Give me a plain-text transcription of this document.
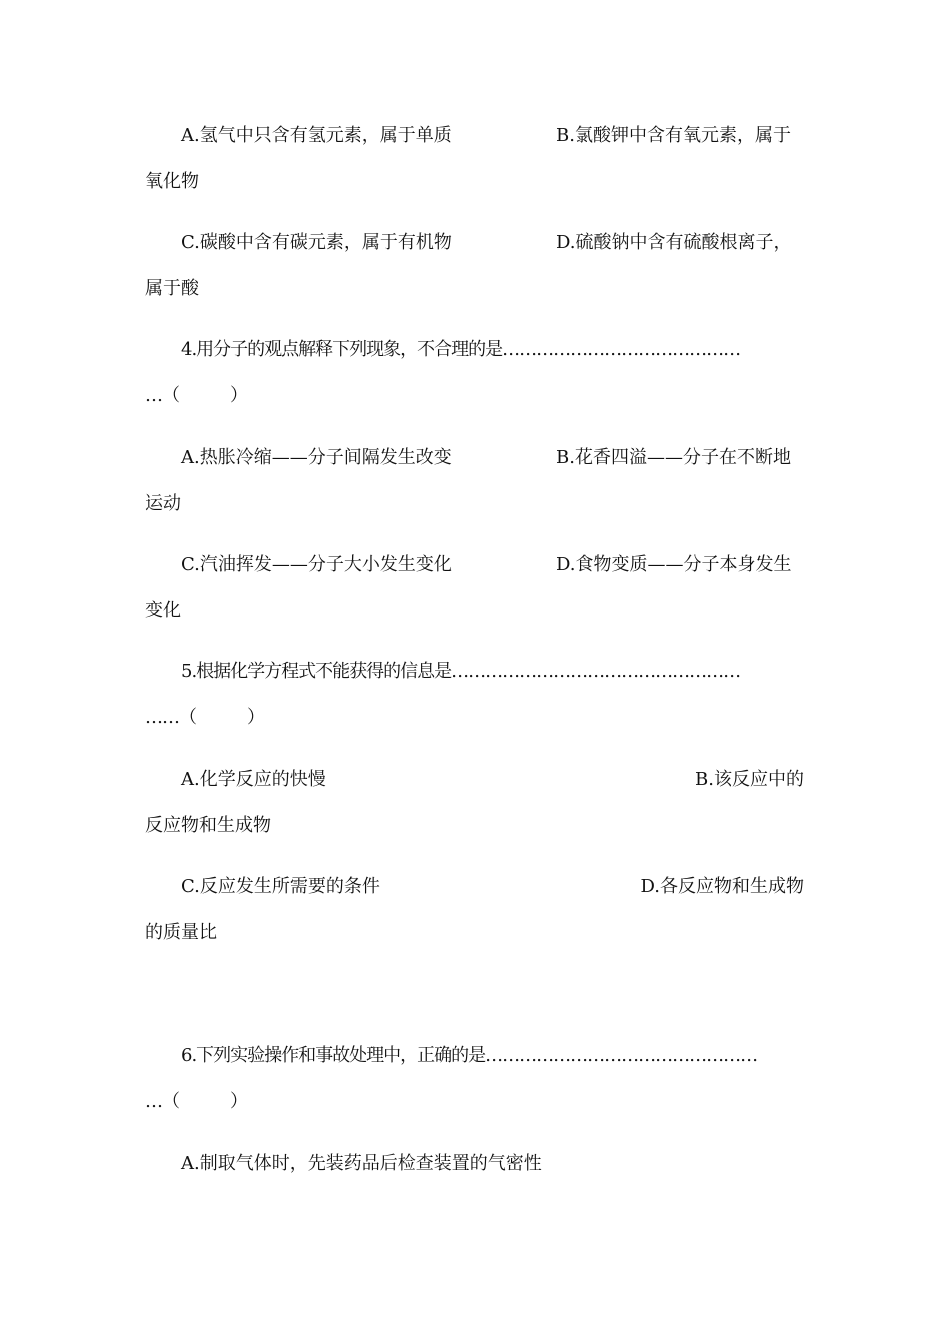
A.氢气中只含有氢元素，属于单质	B.氯酸钾中含有氧元素，属于
氧化物
C.碳酸中含有碳元素，属于有机物	D.硫酸钠中含有硫酸根离子，
属于酸
4.用分子的观点解释下列现象，不合理的是……………………………………
…（　　　）
A.热胀冷缩——分子间隔发生改变	B.花香四溢——分子在不断地
运动
C.汽油挥发——分子大小发生变化	D.食物变质——分子本身发生
变化
5.根据化学方程式不能获得的信息是……………………………………………
……（　　　）
A.化学反应的快慢	B.该反应中的
反应物和生成物
C.反应发生所需要的条件	D.各反应物和生成物
的质量比
6.下列实验操作和事故处理中，正确的是…………………………………………
…（　　　）
A.制取气体时，先装药品后检查装置的气密性
